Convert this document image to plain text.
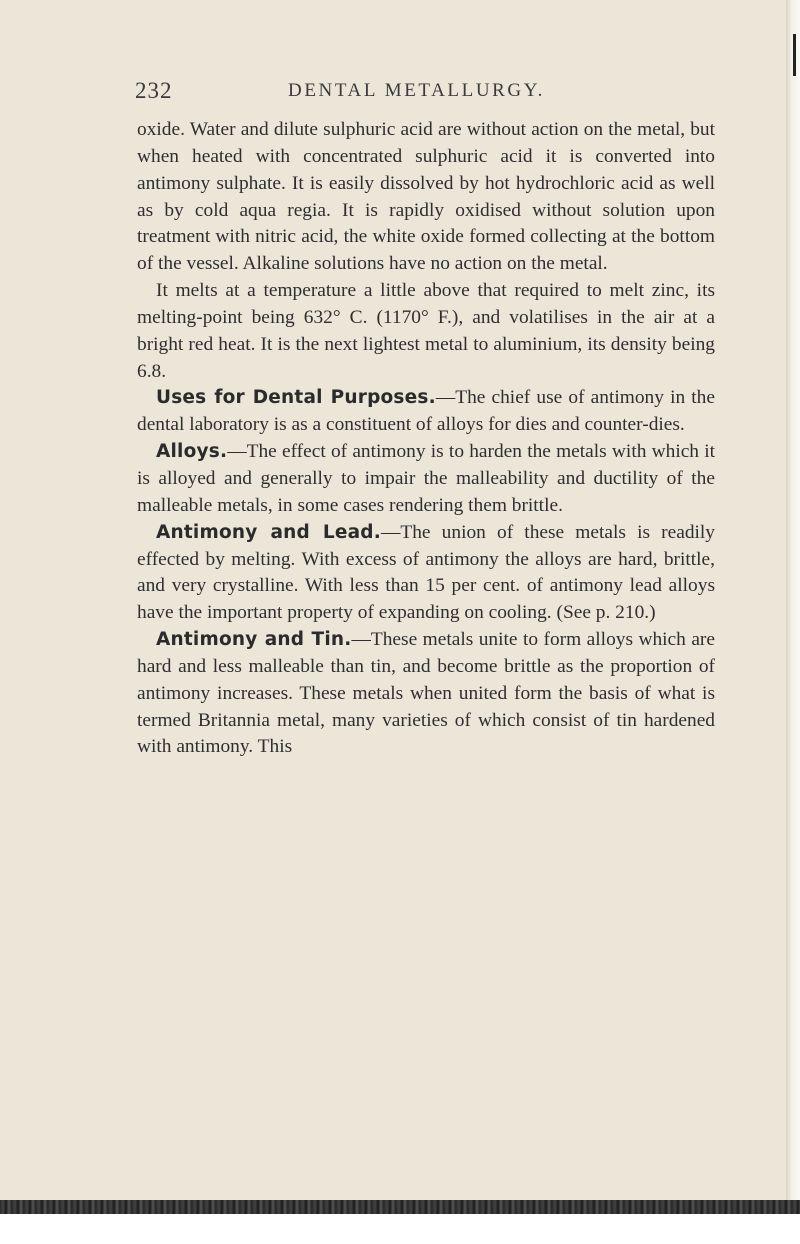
232	DENTAL METALLURGY.

oxide. Water and dilute sulphuric acid are without action on the metal, but when heated with concentrated sulphuric acid it is converted into antimony sulphate. It is easily dissolved by hot hydrochloric acid as well as by cold aqua regia. It is rapidly oxidised without solution upon treatment with nitric acid, the white oxide formed collecting at the bottom of the vessel. Alkaline solutions have no action on the metal.

It melts at a temperature a little above that required to melt zinc, its melting-point being 632° C. (1170° F.), and volatilises in the air at a bright red heat. It is the next lightest metal to aluminium, its density being 6.8.

Uses for Dental Purposes.—The chief use of antimony in the dental laboratory is as a constituent of alloys for dies and counter-dies.

Alloys.—The effect of antimony is to harden the metals with which it is alloyed and generally to impair the malleability and ductility of the malleable metals, in some cases rendering them brittle.

Antimony and Lead.—The union of these metals is readily effected by melting. With excess of antimony the alloys are hard, brittle, and very crystalline. With less than 15 per cent. of antimony lead alloys have the important property of expanding on cooling. (See p. 210.)

Antimony and Tin.—These metals unite to form alloys which are hard and less malleable than tin, and become brittle as the proportion of antimony increases. These metals when united form the basis of what is termed Britannia metal, many varieties of which consist of tin hardened with antimony. This
